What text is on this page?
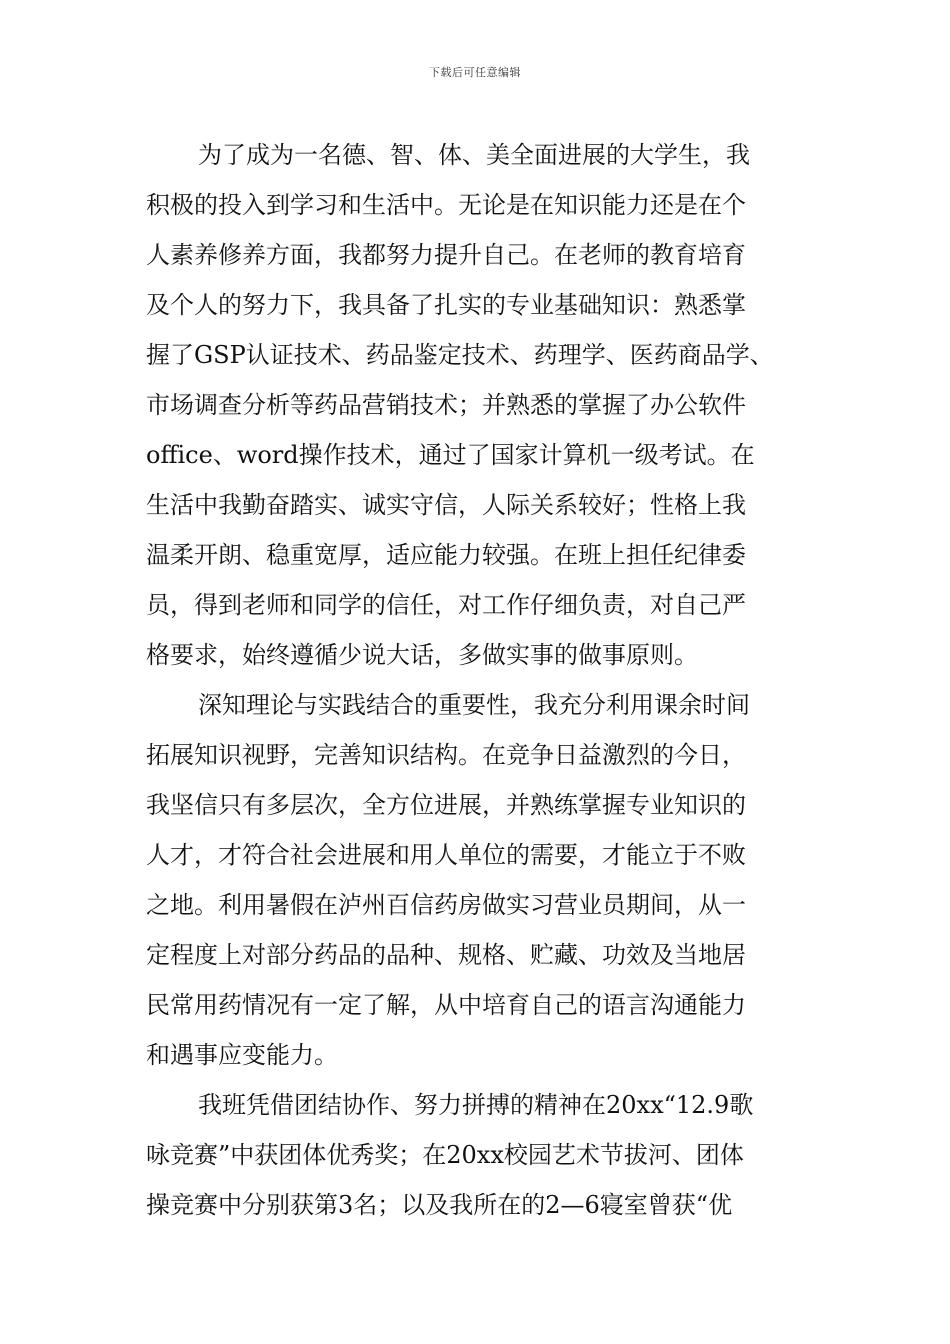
下载后可任意编辑
为了成为一名德、智、体、美全面进展的大学生，我
积极的投入到学习和生活中。无论是在知识能力还是在个
人素养修养方面，我都努力提升自己。在老师的教育培育
及个人的努力下，我具备了扎实的专业基础知识：熟悉掌
握了GSP认证技术、药品鉴定技术、药理学、医药商品学、
市场调查分析等药品营销技术；并熟悉的掌握了办公软件
office、word操作技术，通过了国家计算机一级考试。在
生活中我勤奋踏实、诚实守信，人际关系较好；性格上我
温柔开朗、稳重宽厚，适应能力较强。在班上担任纪律委
员，得到老师和同学的信任，对工作仔细负责，对自己严
格要求，始终遵循少说大话，多做实事的做事原则。
深知理论与实践结合的重要性，我充分利用课余时间
拓展知识视野，完善知识结构。在竞争日益激烈的今日，
我坚信只有多层次，全方位进展，并熟练掌握专业知识的
人才，才符合社会进展和用人单位的需要，才能立于不败
之地。利用暑假在泸州百信药房做实习营业员期间，从一
定程度上对部分药品的品种、规格、贮藏、功效及当地居
民常用药情况有一定了解，从中培育自己的语言沟通能力
和遇事应变能力。
我班凭借团结协作、努力拼搏的精神在20xx“12.9歌
咏竞赛”中获团体优秀奖；在20xx校园艺术节拔河、团体
操竞赛中分别获第3名；以及我所在的2—6寝室曾获“优
